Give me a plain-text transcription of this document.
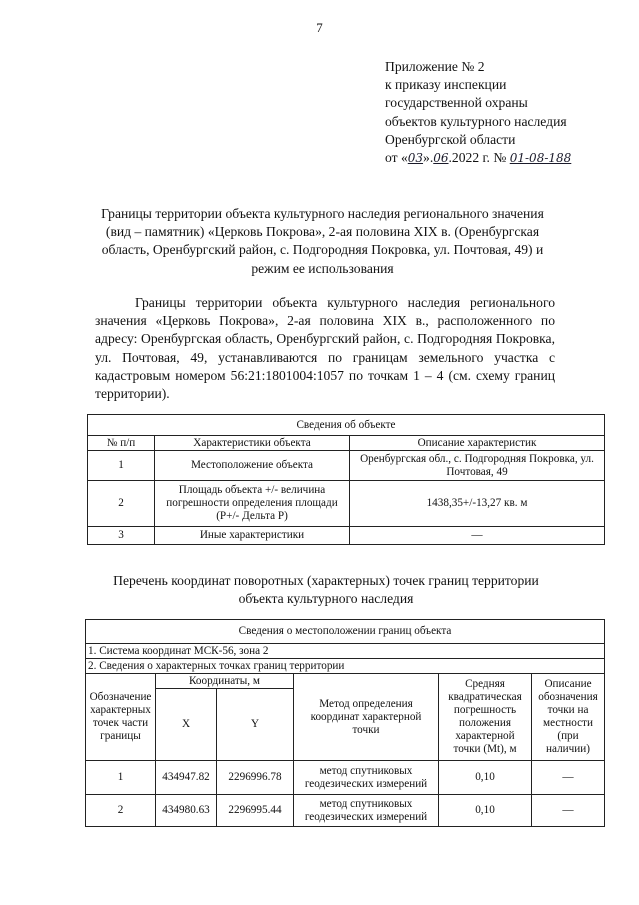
7
Приложение № 2
к приказу инспекции
государственной охраны
объектов культурного наследия
Оренбургской области
от «03».06.2022 г. № 01-08-188
Границы территории объекта культурного наследия регионального значения (вид – памятник) «Церковь Покрова», 2-ая половина XIX в. (Оренбургская область, Оренбургский район, с. Подгородняя Покровка, ул. Почтовая, 49) и режим ее использования
Границы территории объекта культурного наследия регионального значения «Церковь Покрова», 2-ая половина XIX в., расположенного по адресу: Оренбургская область, Оренбургский район, с. Подгородняя Покровка, ул. Почтовая, 49, устанавливаются по границам земельного участка с кадастровым номером 56:21:1801004:1057 по точкам 1 – 4 (см. схему границ территории).
Сведения об объекте		
№ п/п	Характеристики объекта	Описание характеристик
1	Местоположение объекта	Оренбургская обл., с. Подгородняя Покровка, ул. Почтовая, 49
2	Площадь объекта +/- величина погрешности определения площади (Р+/- Дельта Р)	1438,35+/-13,27 кв. м
3	Иные характеристики	—
Перечень координат поворотных (характерных) точек границ территории объекта культурного наследия
Сведения о местоположении границ объекта					
1. Система координат МСК-56, зона 2					
2. Сведения о характерных точках границ территории					
Обозначение характерных точек части границы	Координаты, м		Метод определения координат характерной точки	Средняя квадратическая погрешность положения характерной точки (Mt), м	Описание обозначения точки на местности (при наличии)
	X	Y			
1	434947.82	2296996.78	метод спутниковых геодезических измерений	0,10	—
2	434980.63	2296995.44	метод спутниковых геодезических измерений	0,10	—
